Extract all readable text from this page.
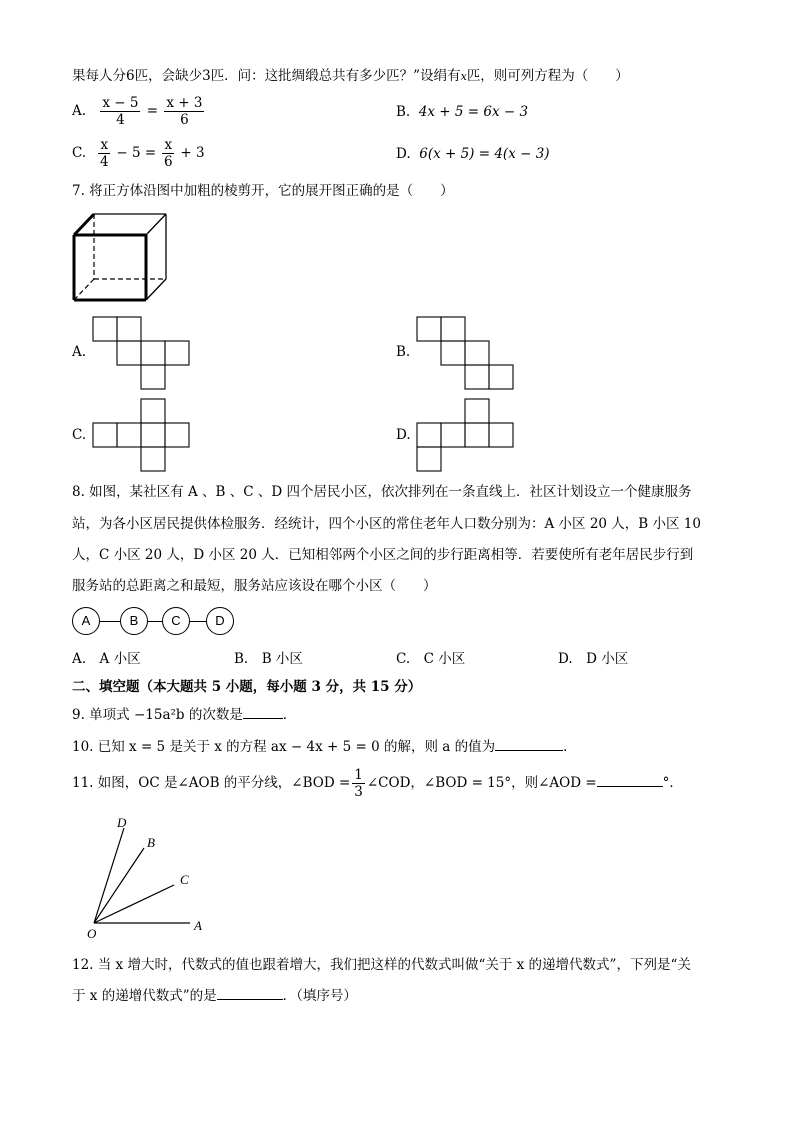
果每人分6匹，会缺少3匹．问：这批绸缎总共有多少匹？”设绢有x匹，则可列方程为（　　）
A. $\frac{x - 5}{4} = \frac{x + 3}{6}$	B. 4x + 5 = 6x − 3
C. $\frac{x}{4} - 5 = \frac{x}{6} + 3$	D. 6(x + 5) = 4(x − 3)
7. 将正方体沿图中加粗的棱剪开，它的展开图正确的是（　　）
A.	B.
C.	D.
8. 如图，某社区有 A 、B 、C 、D 四个居民小区，依次排列在一条直线上．社区计划设立一个健康服务
站，为各小区居民提供体检服务．经统计，四个小区的常住老年人口数分别为：A 小区 20 人，B 小区 10
人，C 小区 20 人，D 小区 20 人．已知相邻两个小区之间的步行距离相等．若要使所有老年居民步行到
服务站的总距离之和最短，服务站应该设在哪个小区（　　）
A	B	C	D
A.　A 小区	B.　B 小区	C.　C 小区	D.　D 小区
二、填空题（本大题共 5 小题，每小题 3 分，共 15 分）
9. 单项式 −15a²b 的次数是	．
10. 已知 x = 5 是关于 x 的方程 ax − 4x + 5 = 0 的解，则 a 的值为	．
11. 如图，OC 是∠AOB 的平分线，∠BOD = $\frac{1}{3}$ ∠COD，∠BOD = 15°，则∠AOD =	°．
D
B
C
A
O
12. 当 x 增大时，代数式的值也跟着增大，我们把这样的代数式叫做“关于 x 的递增代数式”，下列是“关
于 x 的递增代数式”的是	．（填序号）
